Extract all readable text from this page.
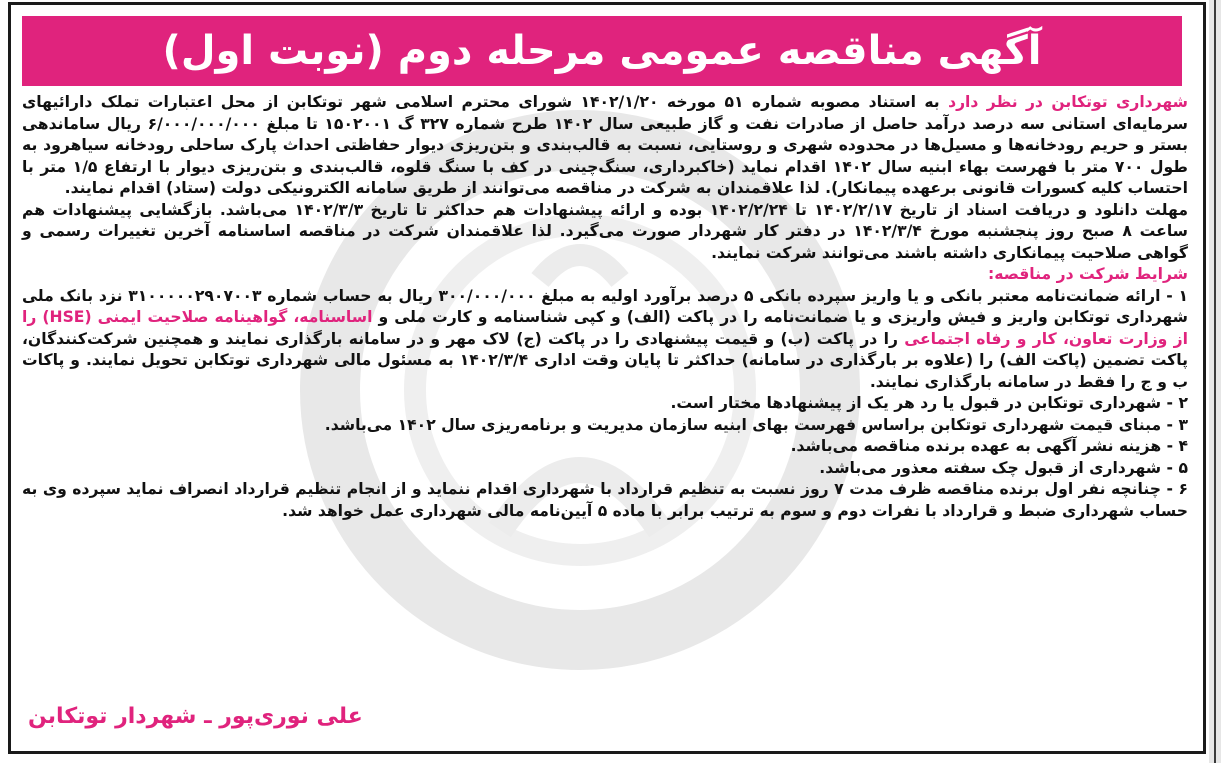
آگهی مناقصه عمومی مرحله دوم (نوبت اول)

شهرداری توتکابن در نظر دارد به استناد مصوبه شماره ۵۱ مورخه ۱۴۰۲/۱/۲۰ شورای محترم اسلامی شهر توتکابن از محل اعتبارات تملک دارائیهای سرمایه‌ای استانی سه درصد درآمد حاصل از صادرات نفت و گاز طبیعی سال ۱۴۰۲ طرح شماره ۳۲۷ گ ۱۵۰۲۰۰۱ تا مبلغ ۶/۰۰۰/۰۰۰/۰۰۰ ریال ساماندهی بستر و حریم رودخانه‌ها و مسیل‌ها در محدوده شهری و روستایی، نسبت به قالب‌بندی و بتن‌ریزی دیوار حفاظتی احداث پارک ساحلی رودخانه سیاهرود به طول ۷۰۰ متر با فهرست بهاء ابنیه سال ۱۴۰۲ اقدام نماید (خاکبرداری، سنگ‌چینی در کف با سنگ قلوه، قالب‌بندی و بتن‌ریزی دیوار با ارتفاع ۱/۵ متر با احتساب کلیه کسورات قانونی برعهده پیمانکار). لذا علاقمندان به شرکت در مناقصه می‌توانند از طریق سامانه الکترونیکی دولت (ستاد) اقدام نمایند.

مهلت دانلود و دریافت اسناد از تاریخ ۱۴۰۲/۲/۱۷ تا ۱۴۰۲/۲/۲۴ بوده و ارائه پیشنهادات هم حداکثر تا تاریخ ۱۴۰۲/۳/۳ می‌باشد. بازگشایی پیشنهادات هم ساعت ۸ صبح روز پنجشنبه مورخ ۱۴۰۲/۳/۴ در دفتر کار شهردار صورت می‌گیرد. لذا علاقمندان شرکت در مناقصه اساسنامه آخرین تغییرات رسمی و گواهی صلاحیت پیمانکاری داشته باشند می‌توانند شرکت نمایند.

شرایط شرکت در مناقصه:

۱ - ارائه ضمانت‌نامه معتبر بانکی و یا واریز سپرده بانکی ۵ درصد برآورد اولیه به مبلغ ۳۰۰/۰۰۰/۰۰۰ ریال به حساب شماره ۳۱۰۰۰۰۰۲۹۰۷۰۰۳ نزد بانک ملی شهرداری توتکابن واریز و فیش واریزی و یا ضمانت‌نامه را در پاکت (الف) و کپی شناسنامه و کارت ملی و اساسنامه، گواهینامه صلاحیت ایمنی (HSE) را از وزارت تعاون، کار و رفاه اجتماعی را در پاکت (ب) و قیمت پیشنهادی را در پاکت (ج) لاک مهر و در سامانه بارگذاری نمایند و همچنین شرکت‌کنندگان، پاکت تضمین (پاکت الف) را (علاوه بر بارگذاری در سامانه) حداکثر تا پایان وقت اداری ۱۴۰۲/۳/۴ به مسئول مالی شهرداری توتکابن تحویل نمایند. و پاکات ب و ج را فقط در سامانه بارگذاری نمایند.

۲ - شهرداری توتکابن در قبول یا رد هر یک از پیشنهادها مختار است.

۳ - مبنای قیمت شهرداری توتکابن براساس فهرست بهای ابنیه سازمان مدیریت و برنامه‌ریزی سال ۱۴۰۲ می‌باشد.

۴ - هزینه نشر آگهی به عهده برنده مناقصه می‌باشد.

۵ - شهرداری از قبول چک سفته معذور می‌باشد.

۶ - چنانچه نفر اول برنده مناقصه ظرف مدت ۷ روز نسبت به تنظیم قرارداد با شهرداری اقدام ننماید و از انجام تنظیم قرارداد انصراف نماید سپرده وی به حساب شهرداری ضبط و قرارداد با نفرات دوم و سوم به ترتیب برابر با ماده ۵ آیین‌نامه مالی شهرداری عمل خواهد شد.

علی نوری‌پور ـ شهردار توتکابن
